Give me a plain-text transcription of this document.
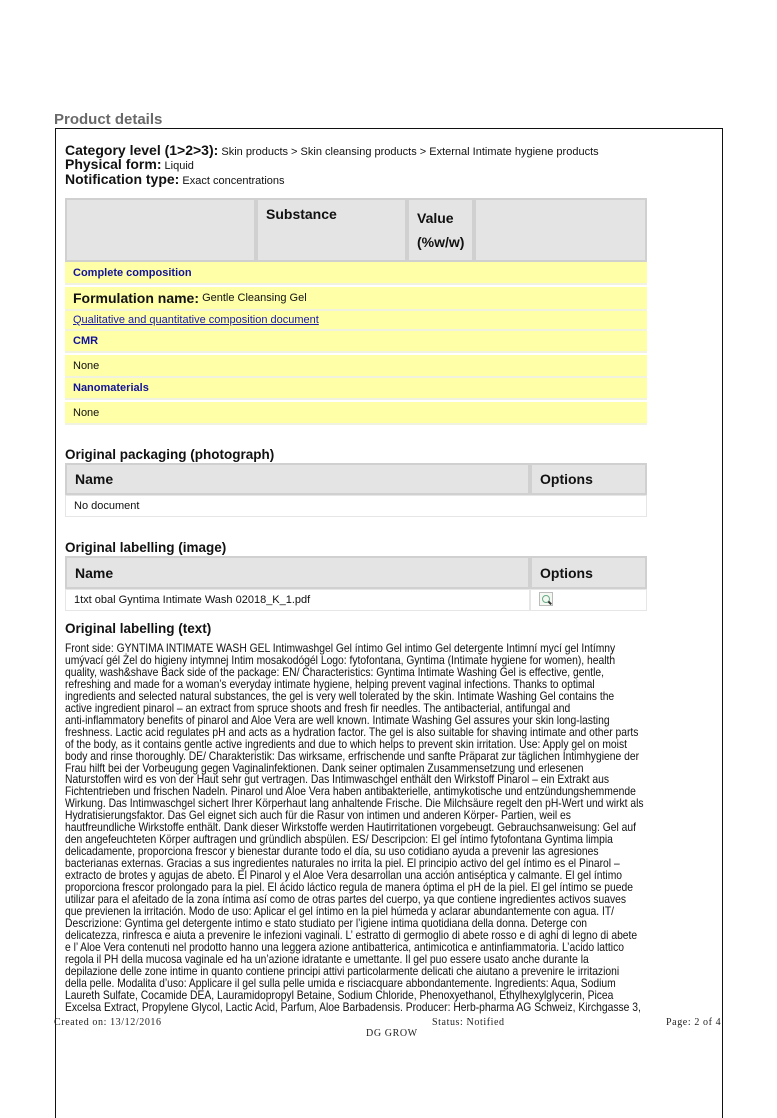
Product details
Category level (1>2>3): Skin products > Skin cleansing products > External Intimate hygiene products
Physical form: Liquid
Notification type: Exact concentrations
	Substance	Value
(%w/w)	
Complete composition
Formulation name:
Gentle Cleansing Gel
Qualitative and quantitative composition document
CMR
None
Nanomaterials
None
Original packaging (photograph)
Name	Options
No document
Original labelling (image)
Name	Options
1txt obal Gyntima Intimate Wash 02018_K_1.pdf	
Original labelling (text)
Front side: GYNTIMA INTIMATE WASH GEL Intimwashgel Gel íntimo Gel intimo Gel detergente Intimní mycí gel Intímny
umývací gél Żel do higieny intymnej Intim mosakodógél Logo: fytofontana, Gyntima (Intimate hygiene for women), health
quality, wash&shave Back side of the package: EN/ Characteristics: Gyntima Intimate Washing Gel is effective, gentle,
refreshing and made for a woman’s everyday intimate hygiene, helping prevent vaginal infections. Thanks to optimal
ingredients and selected natural substances, the gel is very well tolerated by the skin. Intimate Washing Gel contains the
active ingredient pinarol – an extract from spruce shoots and fresh fir needles. The antibacterial, antifungal and
anti-inflammatory benefits of pinarol and Aloe Vera are well known. Intimate Washing Gel assures your skin long-lasting
freshness. Lactic acid regulates pH and acts as a hydration factor. The gel is also suitable for shaving intimate and other parts
of the body, as it contains gentle active ingredients and due to which helps to prevent skin irritation. Use: Apply gel on moist
body and rinse thoroughly. DE/ Charakteristik: Das wirksame, erfrischende und sanfte Präparat zur täglichen Intimhygiene der
Frau hilft bei der Vorbeugung gegen Vaginalinfektionen. Dank seiner optimalen Zusammensetzung und erlesenen
Naturstoffen wird es von der Haut sehr gut vertragen. Das Intimwaschgel enthält den Wirkstoff Pinarol – ein Extrakt aus
Fichtentrieben und frischen Nadeln. Pinarol und Aloe Vera haben antibakterielle, antimykotische und entzündungshemmende
Wirkung. Das Intimwaschgel sichert Ihrer Körperhaut lang anhaltende Frische. Die Milchsäure regelt den pH-Wert und wirkt als
Hydratisierungsfaktor. Das Gel eignet sich auch für die Rasur von intimen und anderen Körper- Partien, weil es
hautfreundliche Wirkstoffe enthält. Dank dieser Wirkstoffe werden Hautirritationen vorgebeugt. Gebrauchsanweisung: Gel auf
den angefeuchteten Körper auftragen und gründlich abspülen. ES/ Descripcion: El gel íntimo fytofontana Gyntima limpia
delicadamente, proporciona frescor y bienestar durante todo el día, su uso cotidiano ayuda a prevenir las agresiones
bacterianas externas. Gracias a sus ingredientes naturales no irrita la piel. El principio activo del gel íntimo es el Pinarol –
extracto de brotes y agujas de abeto. El Pinarol y el Aloe Vera desarrollan una acción antiséptica y calmante. El gel íntimo
proporciona frescor prolongado para la piel. El ácido láctico regula de manera óptima el pH de la piel. El gel íntimo se puede
utilizar para el afeitado de la zona íntima así como de otras partes del cuerpo, ya que contiene ingredientes activos suaves
que previenen la irritación. Modo de uso: Aplicar el gel íntimo en la piel húmeda y aclarar abundantemente con agua. IT/
Descrizione: Gyntima gel detergente intimo e stato studiato per l’igiene intima quotidiana della donna. Deterge con
delicatezza, rinfresca e aiuta a prevenire le infezioni vaginali. L’ estratto di germoglio di abete rosso e di aghi di legno di abete
e l’ Aloe Vera contenuti nel prodotto hanno una leggera azione antibatterica, antimicotica e antinfiammatoria. L’acido lattico
regola il PH della mucosa vaginale ed ha un’azione idratante e umettante. Il gel puo essere usato anche durante la
depilazione delle zone intime in quanto contiene principi attivi particolarmente delicati che aiutano a prevenire le irritazioni
della pelle. Modalita d’uso: Applicare il gel sulla pelle umida e risciacquare abbondantemente. Ingredients: Aqua, Sodium
Laureth Sulfate, Cocamide DEA, Lauramidopropyl Betaine, Sodium Chloride, Phenoxyethanol, Ethylhexylglycerin, Picea
Excelsa Extract, Propylene Glycol, Lactic Acid, Parfum, Aloe Barbadensis. Producer: Herb-pharma AG Schweiz, Kirchgasse 3,
Created on: 13/12/2016	Status: Notified	Page: 2 of 4
DG GROW
